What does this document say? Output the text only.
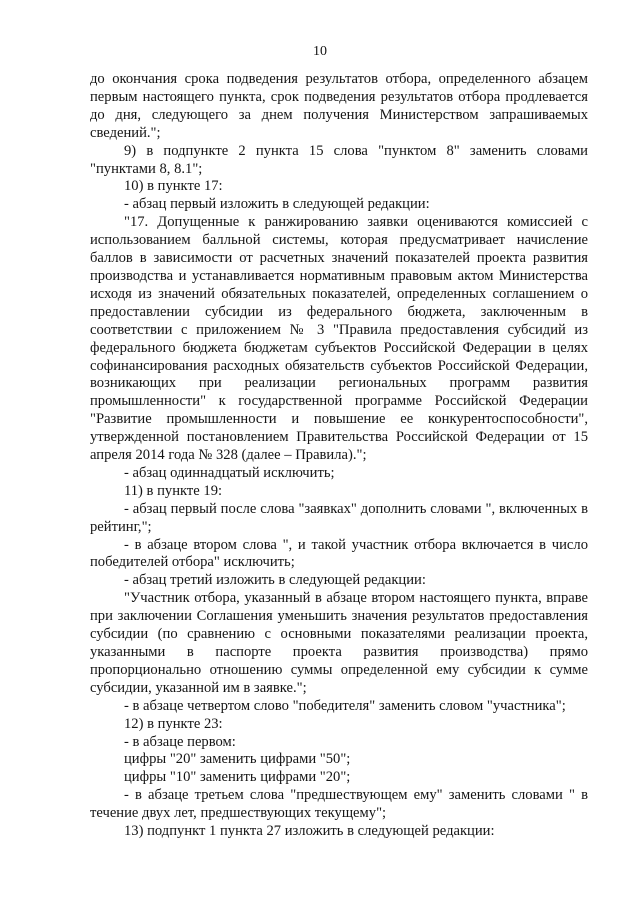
10

до окончания срока подведения результатов отбора, определенного абзацем первым настоящего пункта, срок подведения результатов отбора продлевается до дня, следующего за днем получения Министерством запрашиваемых сведений.";

9) в подпункте 2 пункта 15 слова "пунктом 8" заменить словами "пунктами 8, 8.1";

10) в пункте 17:

- абзац первый изложить в следующей редакции:

"17. Допущенные к ранжированию заявки оцениваются комиссией с использованием балльной системы, которая предусматривает начисление баллов в зависимости от расчетных значений показателей проекта развития производства и устанавливается нормативным правовым актом Министерства исходя из значений обязательных показателей, определенных соглашением о предоставлении субсидии из федерального бюджета, заключенным в соответствии с приложением № 3 "Правила предоставления субсидий из федерального бюджета бюджетам субъектов Российской Федерации в целях софинансирования расходных обязательств субъектов Российской Федерации, возникающих при реализации региональных программ развития промышленности" к государственной программе Российской Федерации "Развитие промышленности и повышение ее конкурентоспособности", утвержденной постановлением Правительства Российской Федерации от 15 апреля 2014 года № 328 (далее – Правила).";

- абзац одиннадцатый исключить;

11) в пункте 19:

- абзац первый после слова "заявках" дополнить словами ", включенных в рейтинг,";

- в абзаце втором слова ", и такой участник отбора включается в число победителей отбора" исключить;

- абзац третий изложить в следующей редакции:

"Участник отбора, указанный в абзаце втором настоящего пункта, вправе при заключении Соглашения уменьшить значения результатов предоставления субсидии (по сравнению с основными показателями реализации проекта, указанными в паспорте проекта развития производства) прямо пропорционально отношению суммы определенной ему субсидии к сумме субсидии, указанной им в заявке.";

- в абзаце четвертом слово "победителя" заменить словом "участника";

12) в пункте 23:

- в абзаце первом:

цифры "20" заменить цифрами "50";

цифры "10" заменить цифрами "20";

- в абзаце третьем слова "предшествующем ему" заменить словами " в течение двух лет, предшествующих текущему";

13) подпункт 1 пункта 27 изложить в следующей редакции:
